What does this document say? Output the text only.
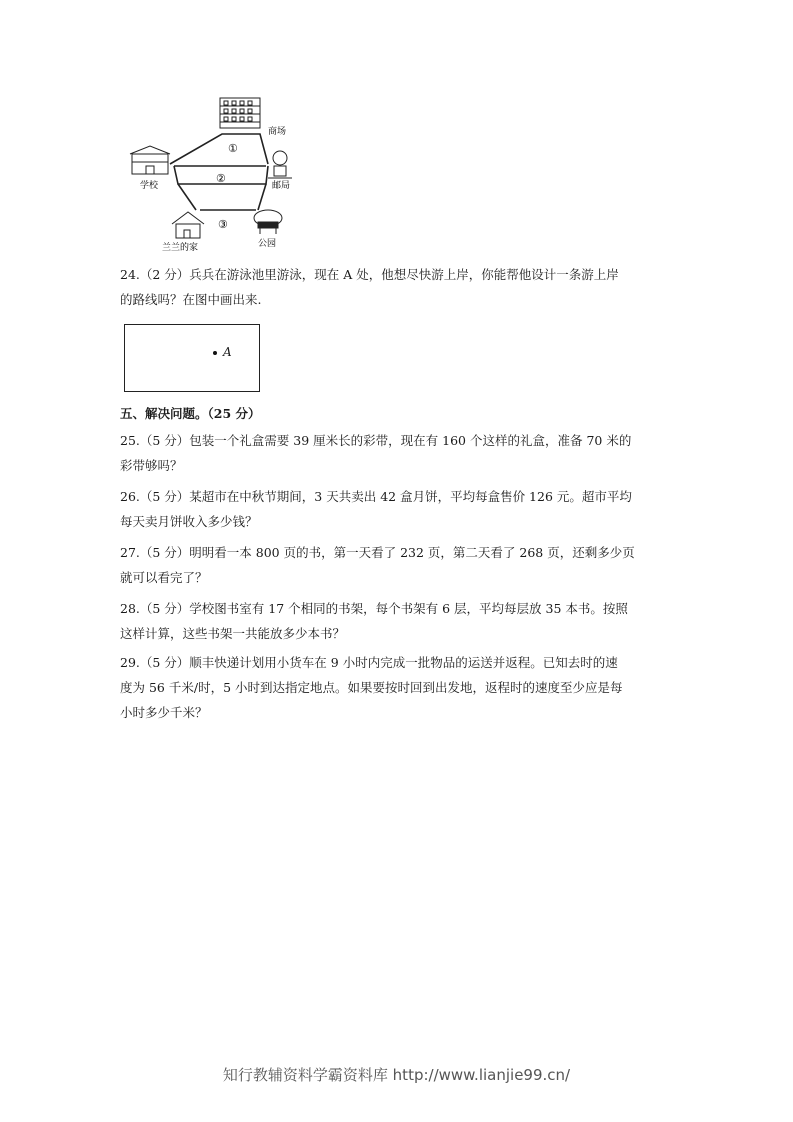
①
②
③
商场
学校	邮局
兰兰的家	公园

24.（2 分）兵兵在游泳池里游泳，现在 A 处，他想尽快游上岸，你能帮他设计一条游上岸

的路线吗？在图中画出来.

A
五、解决问题。（25 分）

25.（5 分）包装一个礼盒需要 39 厘米长的彩带，现在有 160 个这样的礼盒，准备 70 米的

彩带够吗？

26.（5 分）某超市在中秋节期间，3 天共卖出 42 盒月饼，平均每盒售价 126 元。超市平均

每天卖月饼收入多少钱？

27.（5 分）明明看一本 800 页的书，第一天看了 232 页，第二天看了 268 页，还剩多少页

就可以看完了？

28.（5 分）学校图书室有 17 个相同的书架，每个书架有 6 层，平均每层放 35 本书。按照

这样计算，这些书架一共能放多少本书？

29.（5 分）顺丰快递计划用小货车在 9 小时内完成一批物品的运送并返程。已知去时的速

度为 56 千米/时，5 小时到达指定地点。如果要按时回到出发地，返程时的速度至少应是每

小时多少千米？

知行教辅资料学霸资料库 http://www.lianjie99.cn/
